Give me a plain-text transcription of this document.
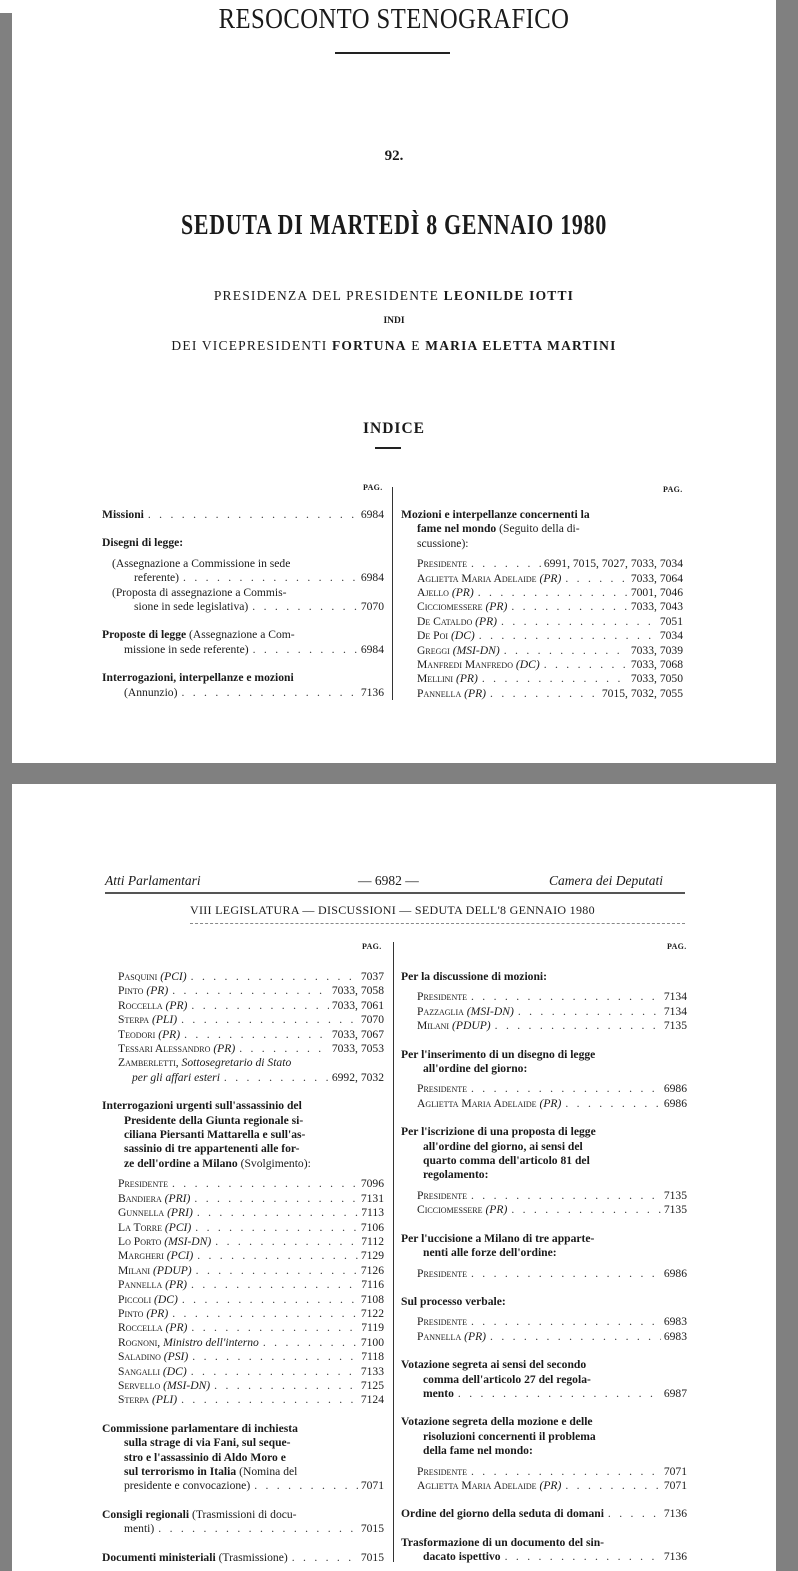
RESOCONTO STENOGRAFICO
92.
SEDUTA DI MARTEDÌ 8 GENNAIO 1980
PRESIDENZA DEL PRESIDENTE LEONILDE IOTTI
INDI
DEI VICEPRESIDENTI FORTUNA E MARIA ELETTA MARTINI
INDICE
PAG.	PAG.
Missioni . . .	6984
Disegni di legge:
(Assegnazione a Commissione in sede
referente) . . .	6984
(Proposta di assegnazione a Commis-
sione in sede legislativa) . . .	7070
Proposte di legge (Assegnazione a Com-
missione in sede referente) . . .	6984
Interrogazioni, interpellanze e mozioni
(Annunzio) . . .	7136
Mozioni e interpellanze concernenti la
fame nel mondo (Seguito della di-
scussione):
Presidente . . .	6991, 7015, 7027, 7033, 7034
Aglietta Maria Adelaide (PR) . . .	7033, 7064
Ajello (PR) . . .	7001, 7046
Cicciomessere (PR) . . .	7033, 7043
De Cataldo (PR) . . .	7051
De Poi (DC) . . .	7034
Greggi (MSI-DN) . . .	7033, 7039
Manfredi Manfredo (DC) . . .	7033, 7068
Mellini (PR) . . .	7033, 7050
Pannella (PR) . . .	7015, 7032, 7055
Atti Parlamentari	— 6982 —	Camera dei Deputati
VIII LEGISLATURA — DISCUSSIONI — SEDUTA DELL'8 GENNAIO 1980
PAG.	PAG.
Pasquini (PCI) . . .	7037
Pinto (PR) . . .	7033, 7058
Roccella (PR) . . .	7033, 7061
Sterpa (PLI) . . .	7070
Teodori (PR) . . .	7033, 7067
Tessari Alessandro (PR) . . .	7033, 7053
Zamberletti, Sottosegretario di Stato
per gli affari esteri . . .	6992, 7032
Interrogazioni urgenti sull'assassinio del
Presidente della Giunta regionale si-
ciliana Piersanti Mattarella e sull'as-
sassinio di tre appartenenti alle for-
ze dell'ordine a Milano (Svolgimento):
Presidente . . .	7096
Bandiera (PRI) . . .	7131
Gunnella (PRI) . . .	7113
La Torre (PCI) . . .	7106
Lo Porto (MSI-DN) . . .	7112
Margheri (PCI) . . .	7129
Milani (PDUP) . . .	7126
Pannella (PR) . . .	7116
Piccoli (DC) . . .	7108
Pinto (PR) . . .	7122
Roccella (PR) . . .	7119
Rognoni, Ministro dell'interno . . .	7100
Saladino (PSI) . . .	7118
Sangalli (DC) . . .	7133
Servello (MSI-DN) . . .	7125
Sterpa (PLI) . . .	7124
Commissione parlamentare di inchiesta
sulla strage di via Fani, sul seque-
stro e l'assassinio di Aldo Moro e
sul terrorismo in Italia (Nomina del
presidente e convocazione) . . .	7071
Consigli regionali (Trasmissioni di docu-
menti) . . .	7015
Documenti ministeriali (Trasmissione) . . .	7015
Per la discussione di mozioni:
Presidente . . .	7134
Pazzaglia (MSI-DN) . . .	7134
Milani (PDUP) . . .	7135
Per l'inserimento di un disegno di legge
all'ordine del giorno:
Presidente . . .	6986
Aglietta Maria Adelaide (PR) . . .	6986
Per l'iscrizione di una proposta di legge
all'ordine del giorno, ai sensi del
quarto comma dell'articolo 81 del
regolamento:
Presidente . . .	7135
Cicciomessere (PR) . . .	7135
Per l'uccisione a Milano di tre apparte-
nenti alle forze dell'ordine:
Presidente . . .	6986
Sul processo verbale:
Presidente . . .	6983
Pannella (PR) . . .	6983
Votazione segreta ai sensi del secondo
comma dell'articolo 27 del regola-
mento . . .	6987
Votazione segreta della mozione e delle
risoluzioni concernenti il problema
della fame nel mondo:
Presidente . . .	7071
Aglietta Maria Adelaide (PR) . . .	7071
Ordine del giorno della seduta di domani . . .	7136
Trasformazione di un documento del sin-
dacato ispettivo . . .	7136
